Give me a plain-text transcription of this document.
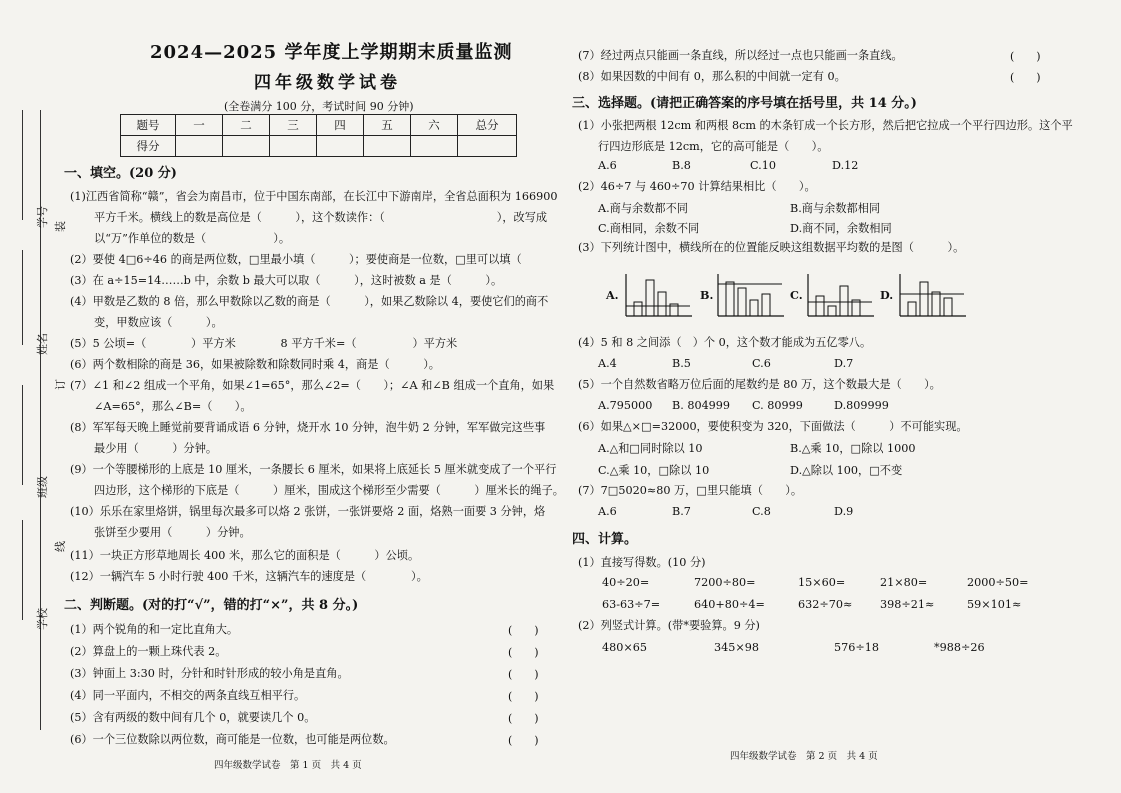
学号 装
姓名
订
班级
线
学校
2024—2025 学年度上学期期末质量监测
四年级数学试卷
(全卷满分 100 分，考试时间 90 分钟)
题号	一	二	三	四	五	六	总分
得分							
一、填空。(20 分)
(1)江西省简称“赣”，省会为南昌市，位于中国东南部，在长江中下游南岸，全省总面积为 166900
平方千米。横线上的数是高位是（　　　），这个数读作：（　　　　　　　　　　），改写成
以“万”作单位的数是（　　　　　　）。
(2）要使 4□6÷46 的商是两位数，□里最小填（　　　）；要使商是一位数，□里可以填（
(3）在 a÷15=14……b 中，余数 b 最大可以取（　　　），这时被数 a 是（　　　）。
(4）甲数是乙数的 8 倍，那么甲数除以乙数的商是（　　　），如果乙数除以 4，要使它们的商不
变，甲数应该（　　　）。
(5）5 公顷=（　　　　）平方米　　　　8 平方千米=（　　　　　）平方米
(6）两个数相除的商是 36，如果被除数和除数同时乘 4，商是（　　　）。
(7）∠1 和∠2 组成一个平角，如果∠1=65°，那么∠2=（　　）；∠A 和∠B 组成一个直角，如果
∠A=65°，那么∠B=（　　）。
(8）军军每天晚上睡觉前要背诵成语 6 分钟，烧开水 10 分钟，泡牛奶 2 分钟，军军做完这些事
最少用（　　　）分钟。
(9）一个等腰梯形的上底是 10 厘米，一条腰长 6 厘米，如果将上底延长 5 厘米就变成了一个平行
四边形，这个梯形的下底是（　　　）厘米，围成这个梯形至少需要（　　　）厘米长的绳子。
(10）乐乐在家里烙饼，锅里每次最多可以烙 2 张饼，一张饼要烙 2 面，烙熟一面要 3 分钟，烙
张饼至少要用（　　　）分钟。
(11）一块正方形草地周长 400 米，那么它的面积是（　　　）公顷。
(12）一辆汽车 5 小时行驶 400 千米，这辆汽车的速度是（　　　　）。
二、判断题。(对的打“√”，错的打“×”，共 8 分。)
(1）两个锐角的和一定比直角大。	(　　)
(2）算盘上的一颗上珠代表 2。	(　　)
(3）钟面上 3:30 时，分针和时针形成的较小角是直角。	(　　)
(4）同一平面内，不相交的两条直线互相平行。	(　　)
(5）含有两级的数中间有几个 0，就要读几个 0。	(　　)
(6）一个三位数除以两位数，商可能是一位数，也可能是两位数。	(　　)
四年级数学试卷　第 1 页　共 4 页
(7）经过两点只能画一条直线，所以经过一点也只能画一条直线。	(　　)
(8）如果因数的中间有 0，那么积的中间就一定有 0。	(　　)
三、选择题。(请把正确答案的序号填在括号里，共 14 分。)
(1）小张把两根 12cm 和两根 8cm 的木条钉成一个长方形，然后把它拉成一个平行四边形。这个平
行四边形底是 12cm，它的高可能是（　　）。
A.6	B.8	C.10	D.12
(2）46÷7 与 460÷70 计算结果相比（　　）。
A.商与余数都不同	B.商与余数都相同
C.商相同，余数不同	D.商不同，余数相同
(3）下列统计图中，横线所在的位置能反映这组数据平均数的是图（　　　）。
A.	B.	C.	D.
(4）5 和 8 之间添（　）个 0，这个数才能成为五亿零八。
A.4	B.5	C.6	D.7
(5）一个自然数省略万位后面的尾数约是 80 万，这个数最大是（　　）。
A.795000 B. 804999 C. 80999	D.809999
(6）如果△×□=32000，要使积变为 320，下面做法（　　　）不可能实现。
A.△和□同时除以 10	B.△乘 10，□除以 1000
C.△乘 10，□除以 10	D.△除以 100，□不变
(7）7□5020≈80 万，□里只能填（　　）。
A.6	B.7	C.8	D.9
四、计算。
(1）直接写得数。(10 分)
40÷20=	7200÷80=	15×60=	21×80=	2000÷50=
63-63÷7=	640+80÷4=	632÷70≈ 398÷21≈	59×101≈
(2）列竖式计算。(带*要验算。9 分)
480×65	345×98	576÷18	*988÷26
四年级数学试卷　第 2 页　共 4 页
